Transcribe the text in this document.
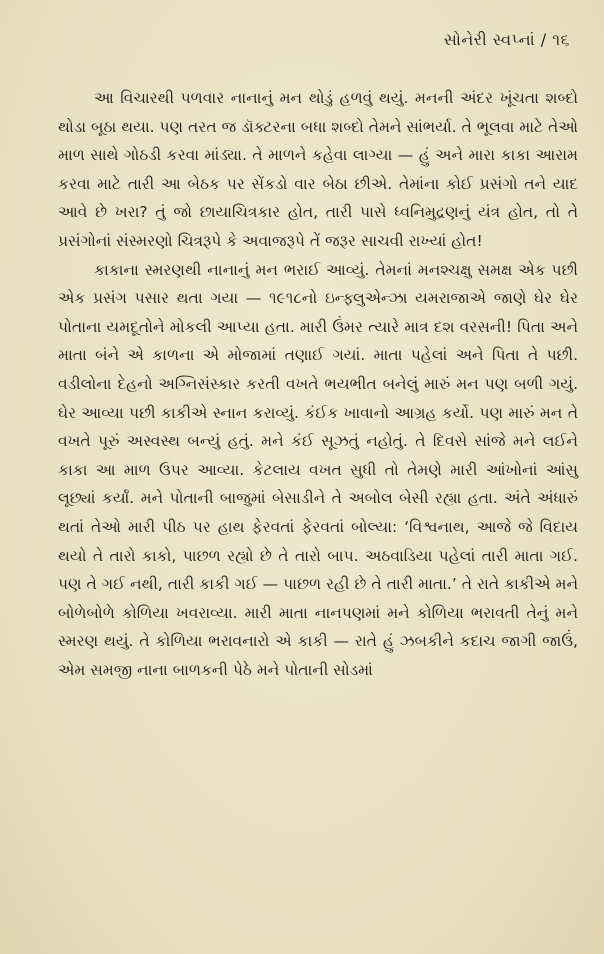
સોનેરી સ્વપ્નાં / ૧૬

આ વિચારથી પળવાર નાનાનું મન થોડું હળવું થયું. મનની અંદર ખૂંચતા શબ્દો થોડા બૂઠા થયા. પણ તરત જ ડૉક્ટરના બધા શબ્દો તેમને સાંભર્યા. તે ભૂલવા માટે તેઓ માળ સાથે ગોઠડી કરવા માંડ્યા. તે માળને કહેવા લાગ્યા — હું અને મારા કાકા આરામ કરવા માટે તારી આ બેઠક પર સેંકડો વાર બેઠા છીએ. તેમાંના કોઈ પ્રસંગો તને યાદ આવે છે ખરા? તું જો છાયાચિત્રકાર હોત, તારી પાસે ધ્વનિમુદ્રણનું યંત્ર હોત, તો તે પ્રસંગોનાં સંસ્મરણો ચિત્રરૂપે કે અવાજરૂપે તેં જરૂર સાચવી રાખ્યાં હોત!

કાકાના સ્મરણથી નાનાનું મન ભરાઈ આવ્યું. તેમનાં મનશ્ચક્ષુ સમક્ષ એક પછી એક પ્રસંગ પસાર થતા ગયા — ૧૯૧૮નો ઇન્ફ્લુએન્ઝા યમરાજાએ જાણે ઘેર ઘેર પોતાના યમદૂતોને મોકલી આપ્યા હતા. મારી ઉંમર ત્યારે માત્ર દશ વરસની! પિતા અને માતા બંને એ કાળના એ મોજામાં તણાઈ ગયાં. માતા પહેલાં અને પિતા તે પછી. વડીલોના દેહનો અગ્નિસંસ્કાર કરતી વખતે ભયભીત બનેલું મારું મન પણ બળી ગયું. ઘેર આવ્યા પછી કાકીએ સ્નાન કરાવ્યું. કંઈક ખાવાનો આગ્રહ કર્યો. પણ મારું મન તે વખતે પૂરું અસ્વસ્થ બન્યું હતું. મને કંઈ સૂઝતું નહોતું. તે દિવસે સાંજે મને લઈને કાકા આ માળ ઉપર આવ્યા. કેટલાય વખત સુધી તો તેમણે મારી આંખોનાં આંસુ લૂછ્યાં કર્યાં. મને પોતાની બાજુમાં બેસાડીને તે અબોલ બેસી રહ્યા હતા. અંતે અંધારું થતાં તેઓ મારી પીઠ પર હાથ ફેરવતાં ફેરવતાં બોલ્યા: ‘વિશ્વનાથ, આજે જે વિદાય થયો તે તારો કાકો, પાછળ રહ્યો છે તે તારો બાપ. અઠવાડિયા પહેલાં તારી માતા ગઈ. પણ તે ગઈ નથી, તારી કાકી ગઈ — પાછળ રહી છે તે તારી માતા.’ તે રાતે કાકીએ મને બોળેબોળે કોળિયા ખવરાવ્યા. મારી માતા નાનપણમાં મને કોળિયા ભરાવતી તેનું મને સ્મરણ થયું. તે કોળિયા ભરાવનારો એ કાકી — રાતે હું ઝબકીને કદાચ જાગી જાઉં, એમ સમજી નાના બાળકની પેઠે મને પોતાની સોડમાં
